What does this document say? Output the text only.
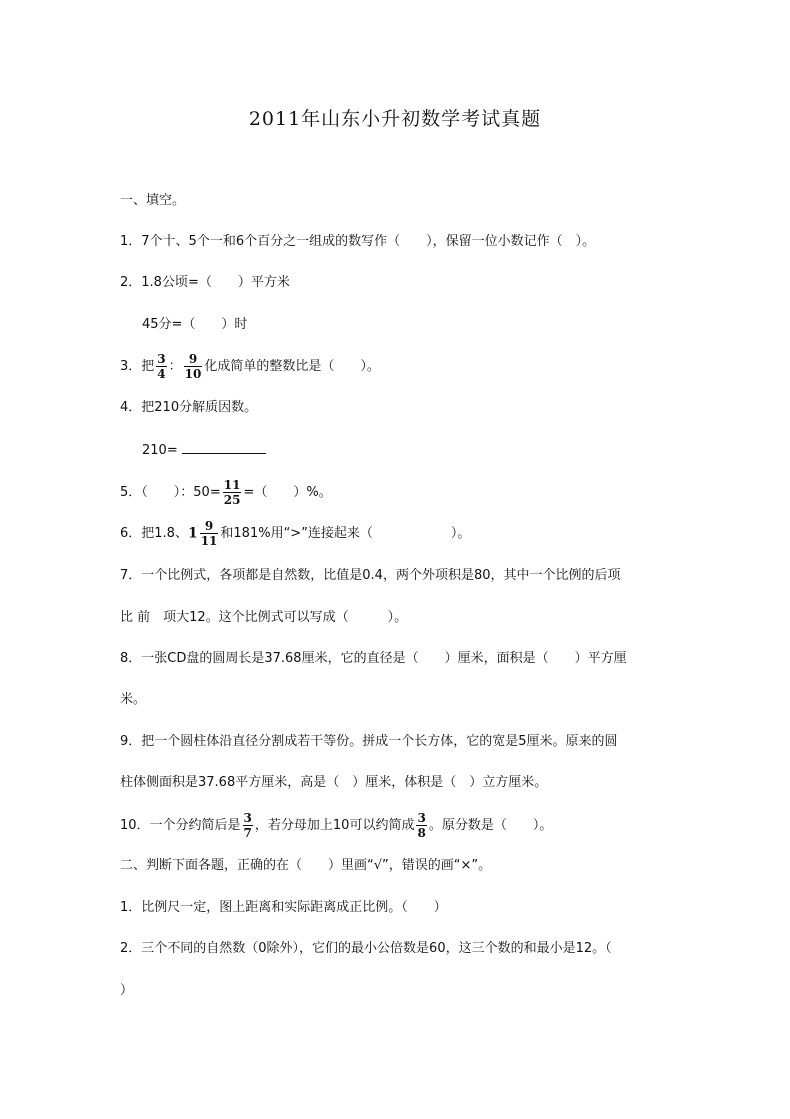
2011年山东小升初数学考试真题
一、填空。
1．7个十、5个一和6个百分之一组成的数写作（　　），保留一位小数记作（　）。
2．1.8公顷=（　　）平方米
45分=（　　）时
3．把 $\frac{3}{4}$ ： $\frac{9}{10}$ 化成简单的整数比是（　　）。
4．把210分解质因数。
210=
5．（　　）：$50= \frac{11}{25}$ =（　　）%。
6．把1.8、$1 \frac{9}{11}$ 和181%用“>”连接起来（　　　　　　）。
7．一个比例式，各项都是自然数，比值是0.4，两个外项积是80，其中一个比例的后项
比 前　项大12。这个比例式可以写成（　　　）。
8．一张CD盘的圆周长是37.68厘米，它的直径是（　　）厘米，面积是（　　）平方厘
米。
9．把一个圆柱体沿直径分割成若干等份。拼成一个长方体，它的宽是5厘米。原来的圆
柱体侧面积是37.68平方厘米，高是（　）厘米，体积是（　）立方厘米。
10．一个分约简后是 $\frac{3}{7}$ ，若分母加上10可以约简成 $\frac{3}{8}$ 。原分数是（　　）。
二、判断下面各题，正确的在（　　）里画“√”，错误的画“×”。
1．比例尺一定，图上距离和实际距离成正比例。（　　）
2．三个不同的自然数（0除外），它们的最小公倍数是60，这三个数的和最小是12。（
）
